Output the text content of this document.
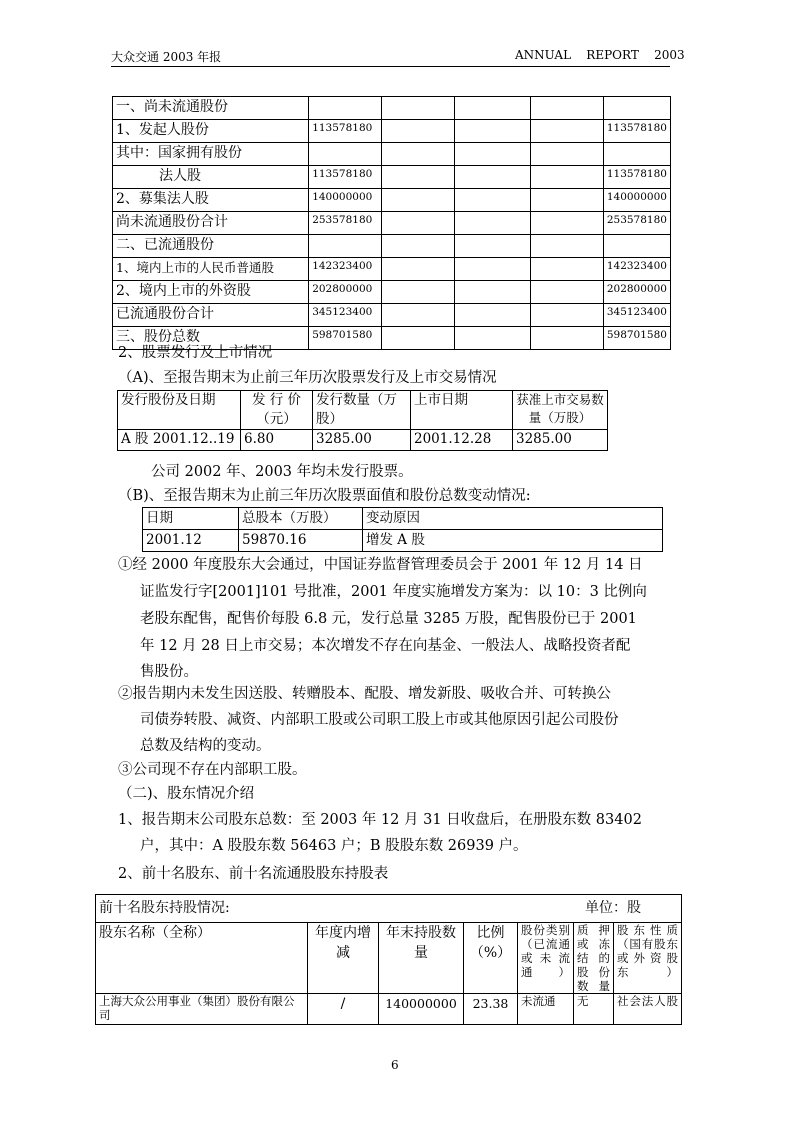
大众交通 2003 年报	ANNUAL    REPORT    2003
一、尚未流通股份					
1、发起人股份	113578180				113578180
其中：国家拥有股份					
法人股	113578180				113578180
2、募集法人股	140000000				140000000
尚未流通股份合计	253578180				253578180
二、已流通股份					
1、境内上市的人民币普通股	142323400				142323400
2、境内上市的外资股	202800000				202800000
已流通股份合计	345123400				345123400
三、股份总数	598701580				598701580
2、股票发行及上市情况
（A)、至报告期末为止前三年历次股票发行及上市交易情况
发行股份及日期	发 行 价（元）	发行数量（万股）	上市日期	获准上市交易数量（万股）
A 股 2001.12..19	6.80	3285.00	2001.12.28	3285.00
公司 2002 年、2003 年均未发行股票。
（B)、至报告期末为止前三年历次股票面值和股份总数变动情况:
日期	总股本（万股）	变动原因
2001.12	59870.16	增发 A 股
①经 2000 年度股东大会通过，中国证券监督管理委员会于 2001 年 12 月 14 日
证监发行字[2001]101 号批准，2001 年度实施增发方案为：以 10：3 比例向
老股东配售，配售价每股 6.8 元，发行总量 3285 万股，配售股份已于 2001
年 12 月 28 日上市交易；本次增发不存在向基金、一般法人、战略投资者配
售股份。
②报告期内未发生因送股、转赠股本、配股、增发新股、吸收合并、可转换公
司债券转股、减资、内部职工股或公司职工股上市或其他原因引起公司股份
总数及结构的变动。
③公司现不存在内部职工股。
（二)、股东情况介绍
1、报告期末公司股东总数：至 2003 年 12 月 31 日收盘后，在册股东数 83402
户，其中：A 股股东数 56463 户；B 股股东数 26939 户。
2、前十名股东、前十名流通股股东持股表
前十名股东持股情况: 单位：股						

股东名称（全称）	年度内增减	年末持股数量	比例（%）	股份类别（已流通或未流通）	质押或冻结的股份数量	股东性质（国有股东或外资股东）
上海大众公用事业（集团）股份有限公司	/	140000000	23.38	未流通	无	社会法人股
6
